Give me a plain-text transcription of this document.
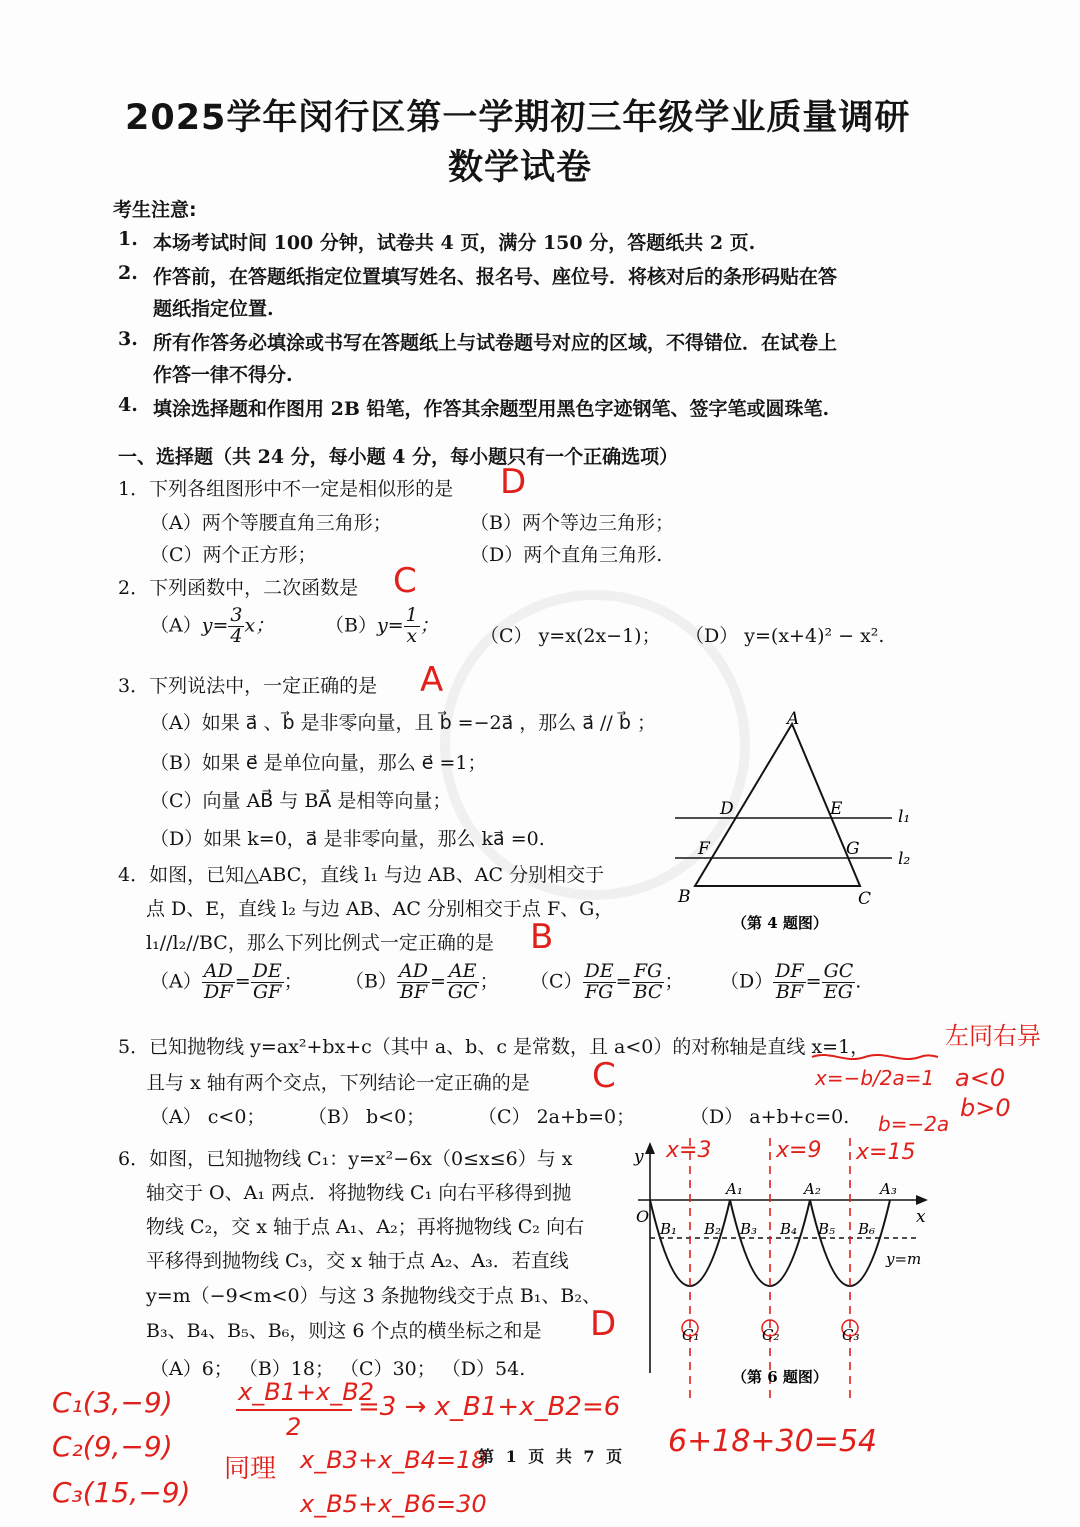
2025学年闵行区第一学期初三年级学业质量调研
数学试卷
考生注意:
1. 本场考试时间 100 分钟，试卷共 4 页，满分 150 分，答题纸共 2 页.
2. 作答前，在答题纸指定位置填写姓名、报名号、座位号．将核对后的条形码贴在答
题纸指定位置.
3. 所有作答务必填涂或书写在答题纸上与试卷题号对应的区域，不得错位．在试卷上
作答一律不得分.
4. 填涂选择题和作图用 2B 铅笔，作答其余题型用黑色字迹钢笔、签字笔或圆珠笔.
一、选择题（共 24 分，每小题 4 分，每小题只有一个正确选项）
1．下列各组图形中不一定是相似形的是 D
（A）两个等腰直角三角形；	（B）两个等边三角形；
（C）两个正方形；	（D）两个直角三角形.
2．下列函数中，二次函数是 C
$(A)y= \frac{3}{4}$ x；	$(B)y= \frac{1}{x}$ ； （C） y=x(2x−1)； （D） y=(x+4)² − x².
3．下列说法中，一定正确的是 A
（A）如果 a⃗ 、b⃗ 是非零向量，且 b⃗ =−2a⃗ ，那么 a⃗ // b⃗ ；
（B）如果 e⃗ 是单位向量，那么 e⃗ =1；
（C）向量 AB⃗ 与 BA⃗ 是相等向量；
（D）如果 k=0，a⃗ 是非零向量，那么 ka⃗ =0.
A
D	E	l₁
F	G l₂
B	C
（第 4 题图）
4．如图，已知△ABC，直线 l₁ 与边 AB、AC 分别相交于
点 D、E，直线 l₂ 与边 AB、AC 分别相交于点 F、G，
l₁//l₂//BC，那么下列比例式一定正确的是 B
$(A) \frac{AD}{DF} = \frac{DE}{GF}$ ； $(B) \frac{AD}{BF} = \frac{AE}{GC}$ ； $(C) \frac{DE}{FG} = \frac{FG}{BC}$ ； $(D) \frac{DF}{BF} = \frac{GC}{EG}$ .
5．已知抛物线 y=ax²+bx+c（其中 a、b、c 是常数，且 a<0）的对称轴是直线 x=1，	左同右异
且与 x 轴有两个交点，下列结论一定正确的是 C	x=−b/2a=1 a<0
（A） c<0； （B） b<0；	（C） 2a+b=0；	（D） a+b+c=0. b=−2a
b>0
y
x
O
A₁	A₂	A₃
B₁ B₂ B₃ B₄ B₅ B₆
y=m
C₁	C₂	C₃
（第 6 题图）
x=3	x=9 x=15
6．如图，已知抛物线 C₁：y=x²−6x（0≤x≤6）与 x
轴交于 O、A₁ 两点．将抛物线 C₁ 向右平移得到抛
物线 C₂，交 x 轴于点 A₁、A₂；再将抛物线 C₂ 向右
平移得到抛物线 C₃，交 x 轴于点 A₂、A₃．若直线
y=m（−9<m<0）与这 3 条抛物线交于点 B₁、B₂、
B₃、B₄、B₅、B₆，则这 6 个点的横坐标之和是 D
（A）6； （B）18； （C）30； （D）54.
C₁(3,−9)
C₂(9,−9)
C₃(15,−9)
x_B1+x_B2
2
=3 → x_B1+x_B2=6
同理 x_B3+x_B4=18
x_B5+x_B6=30
6+18+30=54
第 1 页 共 7 页
